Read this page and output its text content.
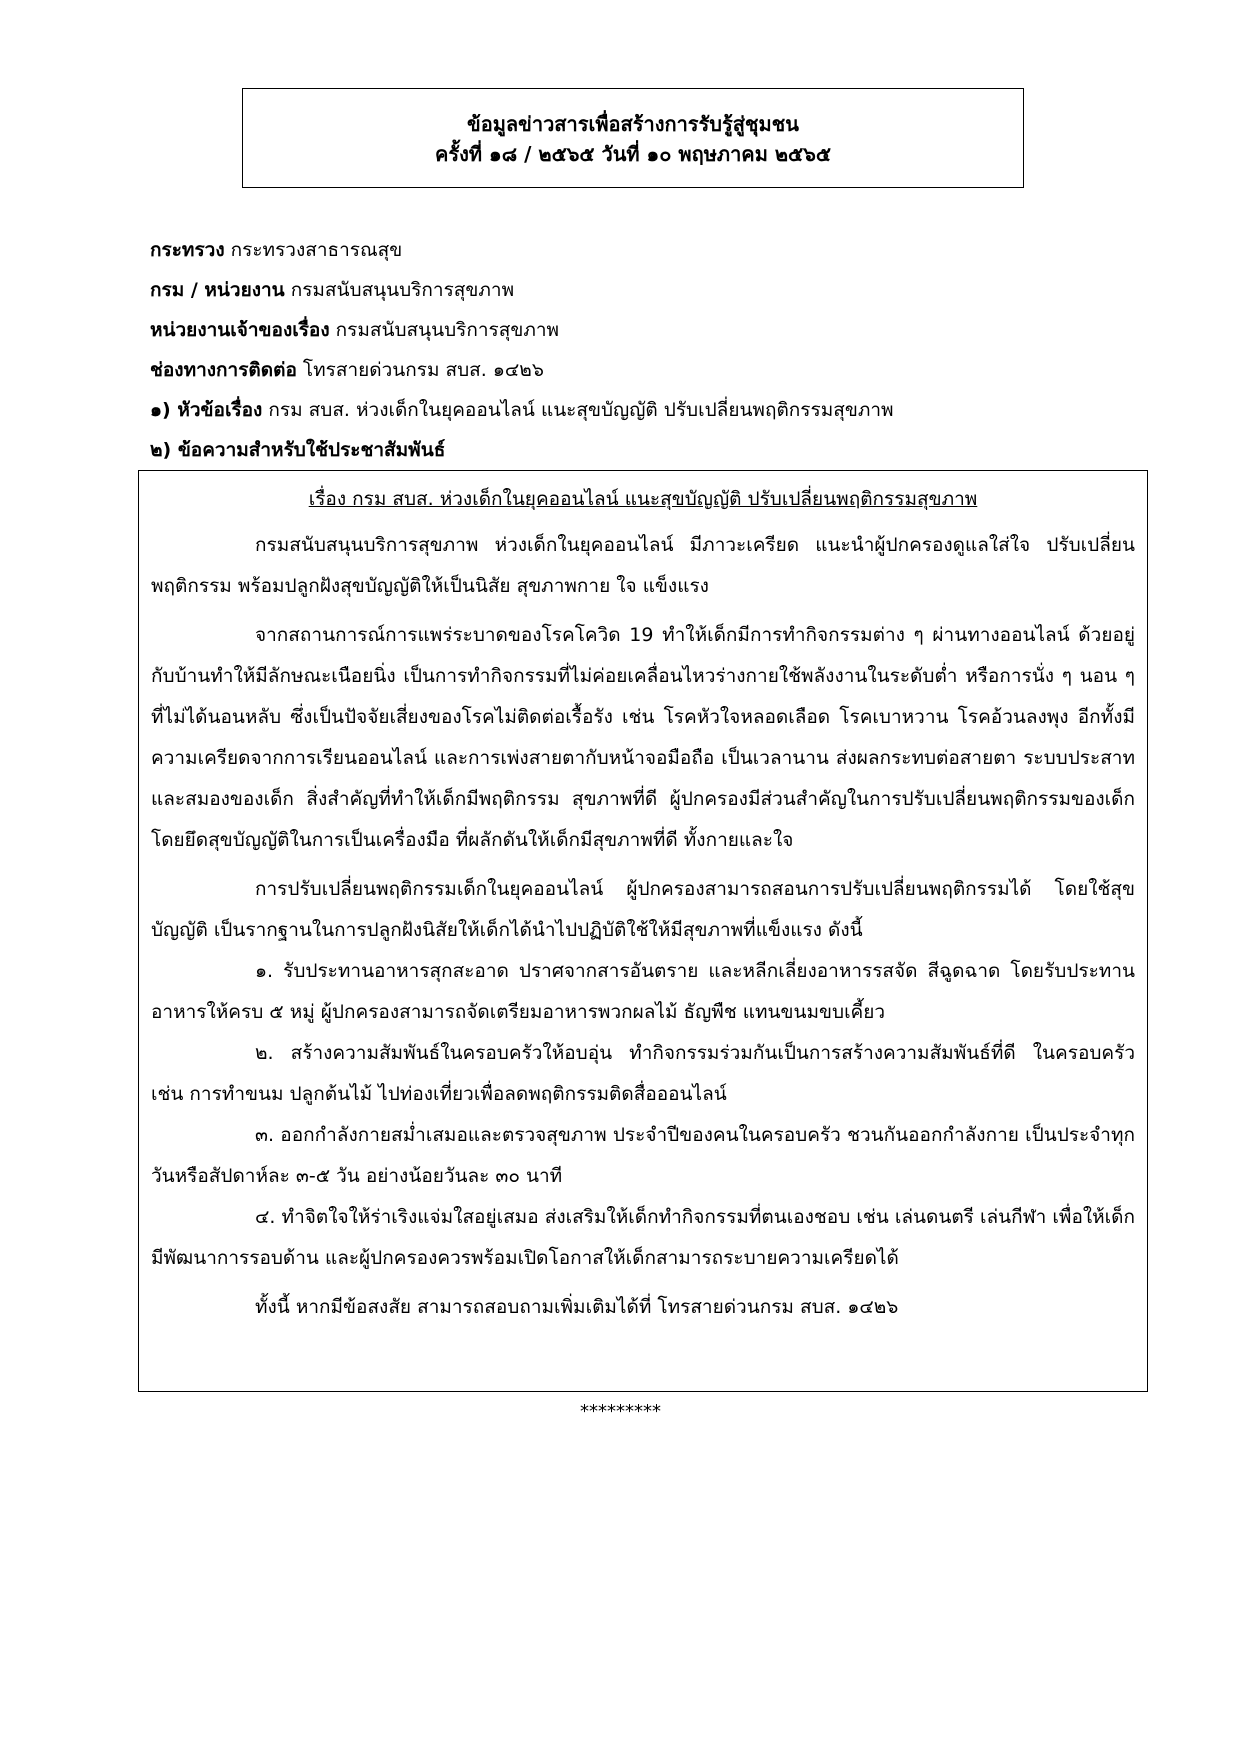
ข้อมูลข่าวสารเพื่อสร้างการรับรู้สู่ชุมชน
ครั้งที่ ๑๘ / ๒๕๖๕ วันที่ ๑๐ พฤษภาคม ๒๕๖๕
กระทรวง กระทรวงสาธารณสุข
กรม / หน่วยงาน กรมสนับสนุนบริการสุขภาพ
หน่วยงานเจ้าของเรื่อง กรมสนับสนุนบริการสุขภาพ
ช่องทางการติดต่อ โทรสายด่วนกรม สบส. ๑๔๒๖
๑) หัวข้อเรื่อง กรม สบส. ห่วงเด็กในยุคออนไลน์ แนะสุขบัญญัติ ปรับเปลี่ยนพฤติกรรมสุขภาพ
๒) ข้อความสำหรับใช้ประชาสัมพันธ์
เรื่อง กรม สบส. ห่วงเด็กในยุคออนไลน์ แนะสุขบัญญัติ ปรับเปลี่ยนพฤติกรรมสุขภาพ

กรมสนับสนุนบริการสุขภาพ ห่วงเด็กในยุคออนไลน์ มีภาวะเครียด แนะนำผู้ปกครองดูแลใส่ใจ ปรับเปลี่ยนพฤติกรรม พร้อมปลูกฝังสุขบัญญัติให้เป็นนิสัย สุขภาพกาย ใจ แข็งแรง

จากสถานการณ์การแพร่ระบาดของโรคโควิด 19 ทำให้เด็กมีการทำกิจกรรมต่าง ๆ ผ่านทางออนไลน์ ด้วยอยู่กับบ้านทำให้มีลักษณะเนือยนิ่ง เป็นการทำกิจกรรมที่ไม่ค่อยเคลื่อนไหวร่างกายใช้พลังงานในระดับต่ำ หรือการนั่ง ๆ นอน ๆ ที่ไม่ได้นอนหลับ ซึ่งเป็นปัจจัยเสี่ยงของโรคไม่ติดต่อเรื้อรัง เช่น โรคหัวใจหลอดเลือด โรคเบาหวาน โรคอ้วนลงพุง อีกทั้งมีความเครียดจากการเรียนออนไลน์ และการเพ่งสายตากับหน้าจอมือถือ เป็นเวลานาน ส่งผลกระทบต่อสายตา ระบบประสาทและสมองของเด็ก สิ่งสำคัญที่ทำให้เด็กมีพฤติกรรม สุขภาพที่ดี ผู้ปกครองมีส่วนสำคัญในการปรับเปลี่ยนพฤติกรรมของเด็ก โดยยึดสุขบัญญัติในการเป็นเครื่องมือ ที่ผลักดันให้เด็กมีสุขภาพที่ดี ทั้งกายและใจ

การปรับเปลี่ยนพฤติกรรมเด็กในยุคออนไลน์ ผู้ปกครองสามารถสอนการปรับเปลี่ยนพฤติกรรมได้ โดยใช้สุขบัญญัติ เป็นรากฐานในการปลูกฝังนิสัยให้เด็กได้นำไปปฏิบัติใช้ให้มีสุขภาพที่แข็งแรง ดังนี้

๑. รับประทานอาหารสุกสะอาด ปราศจากสารอันตราย และหลีกเลี่ยงอาหารรสจัด สีฉูดฉาด โดยรับประทานอาหารให้ครบ ๕ หมู่ ผู้ปกครองสามารถจัดเตรียมอาหารพวกผลไม้ ธัญพืช แทนขนมขบเคี้ยว

๒. สร้างความสัมพันธ์ในครอบครัวให้อบอุ่น ทำกิจกรรมร่วมกันเป็นการสร้างความสัมพันธ์ที่ดี ในครอบครัว เช่น การทำขนม ปลูกต้นไม้ ไปท่องเที่ยวเพื่อลดพฤติกรรมติดสื่อออนไลน์

๓. ออกกำลังกายสม่ำเสมอและตรวจสุขภาพ ประจำปีของคนในครอบครัว ชวนกันออกกำลังกาย เป็นประจำทุกวันหรือสัปดาห์ละ ๓-๕ วัน อย่างน้อยวันละ ๓๐ นาที

๔. ทำจิตใจให้ร่าเริงแจ่มใสอยู่เสมอ ส่งเสริมให้เด็กทำกิจกรรมที่ตนเองชอบ เช่น เล่นดนตรี เล่นกีฬา เพื่อให้เด็กมีพัฒนาการรอบด้าน และผู้ปกครองควรพร้อมเปิดโอกาสให้เด็กสามารถระบายความเครียดได้

ทั้งนี้ หากมีข้อสงสัย สามารถสอบถามเพิ่มเติมได้ที่ โทรสายด่วนกรม สบส. ๑๔๒๖

*********
